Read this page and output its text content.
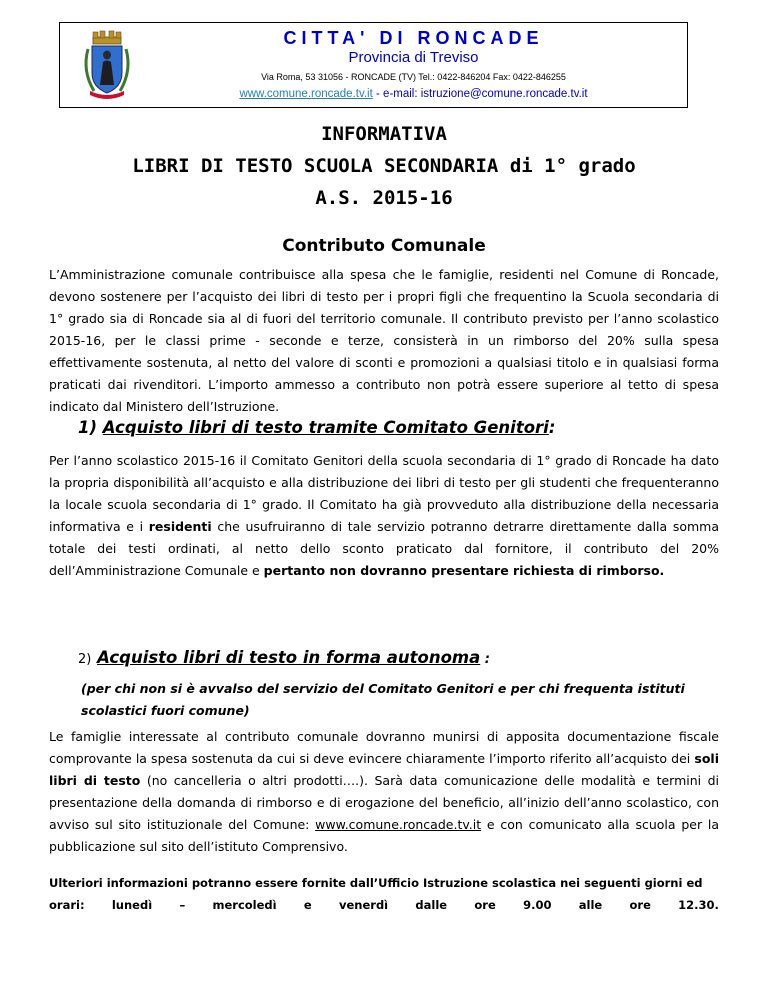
CITTA' DI RONCADE
Provincia di Treviso
Via Roma, 53 31056 - RONCADE (TV) Tel.: 0422-846204 Fax: 0422-846255
www.comune.roncade.tv.it - e-mail: istruzione@comune.roncade.tv.it
INFORMATIVA
LIBRI DI TESTO SCUOLA SECONDARIA di 1° grado
A.S. 2015-16
Contributo Comunale

L’Amministrazione comunale contribuisce alla spesa che le famiglie, residenti nel Comune di Roncade, devono sostenere per l’acquisto dei libri di testo per i propri figli che frequentino la Scuola secondaria di 1° grado sia di Roncade sia al di fuori del territorio comunale. Il contributo previsto per l’anno scolastico 2015-16, per le classi prime - seconde e terze, consisterà in un rimborso del 20% sulla spesa effettivamente sostenuta, al netto del valore di sconti e promozioni a qualsiasi titolo e in qualsiasi forma praticati dai rivenditori. L’importo ammesso a contributo non potrà essere superiore al tetto di spesa indicato dal Ministero dell’Istruzione.

1) Acquisto libri di testo tramite Comitato Genitori:

Per l’anno scolastico 2015-16 il Comitato Genitori della scuola secondaria di 1° grado di Roncade ha dato la propria disponibilità all’acquisto e alla distribuzione dei libri di testo per gli studenti che frequenteranno la locale scuola secondaria di 1° grado. Il Comitato ha già provveduto alla distribuzione della necessaria informativa e i residenti che usufruiranno di tale servizio potranno detrarre direttamente dalla somma totale dei testi ordinati, al netto dello sconto praticato dal fornitore, il contributo del 20% dell’Amministrazione Comunale e pertanto non dovranno presentare richiesta di rimborso.

2) Acquisto libri di testo in forma autonoma :
(per chi non si è avvalso del servizio del Comitato Genitori e per chi frequenta istituti scolastici fuori comune)

Le famiglie interessate al contributo comunale dovranno munirsi di apposita documentazione fiscale comprovante la spesa sostenuta da cui si deve evincere chiaramente l’importo riferito all’acquisto dei soli libri di testo (no cancelleria o altri prodotti….). Sarà data comunicazione delle modalità e termini di presentazione della domanda di rimborso e di erogazione del beneficio, all’inizio dell’anno scolastico, con avviso sul sito istituzionale del Comune: www.comune.roncade.tv.it e con comunicato alla scuola per la pubblicazione sul sito dell’istituto Comprensivo.

Ulteriori informazioni potranno essere fornite dall’Ufficio Istruzione scolastica nei seguenti giorni ed
orari: lunedì – mercoledì e venerdì dalle ore 9.00 alle ore 12.30.
